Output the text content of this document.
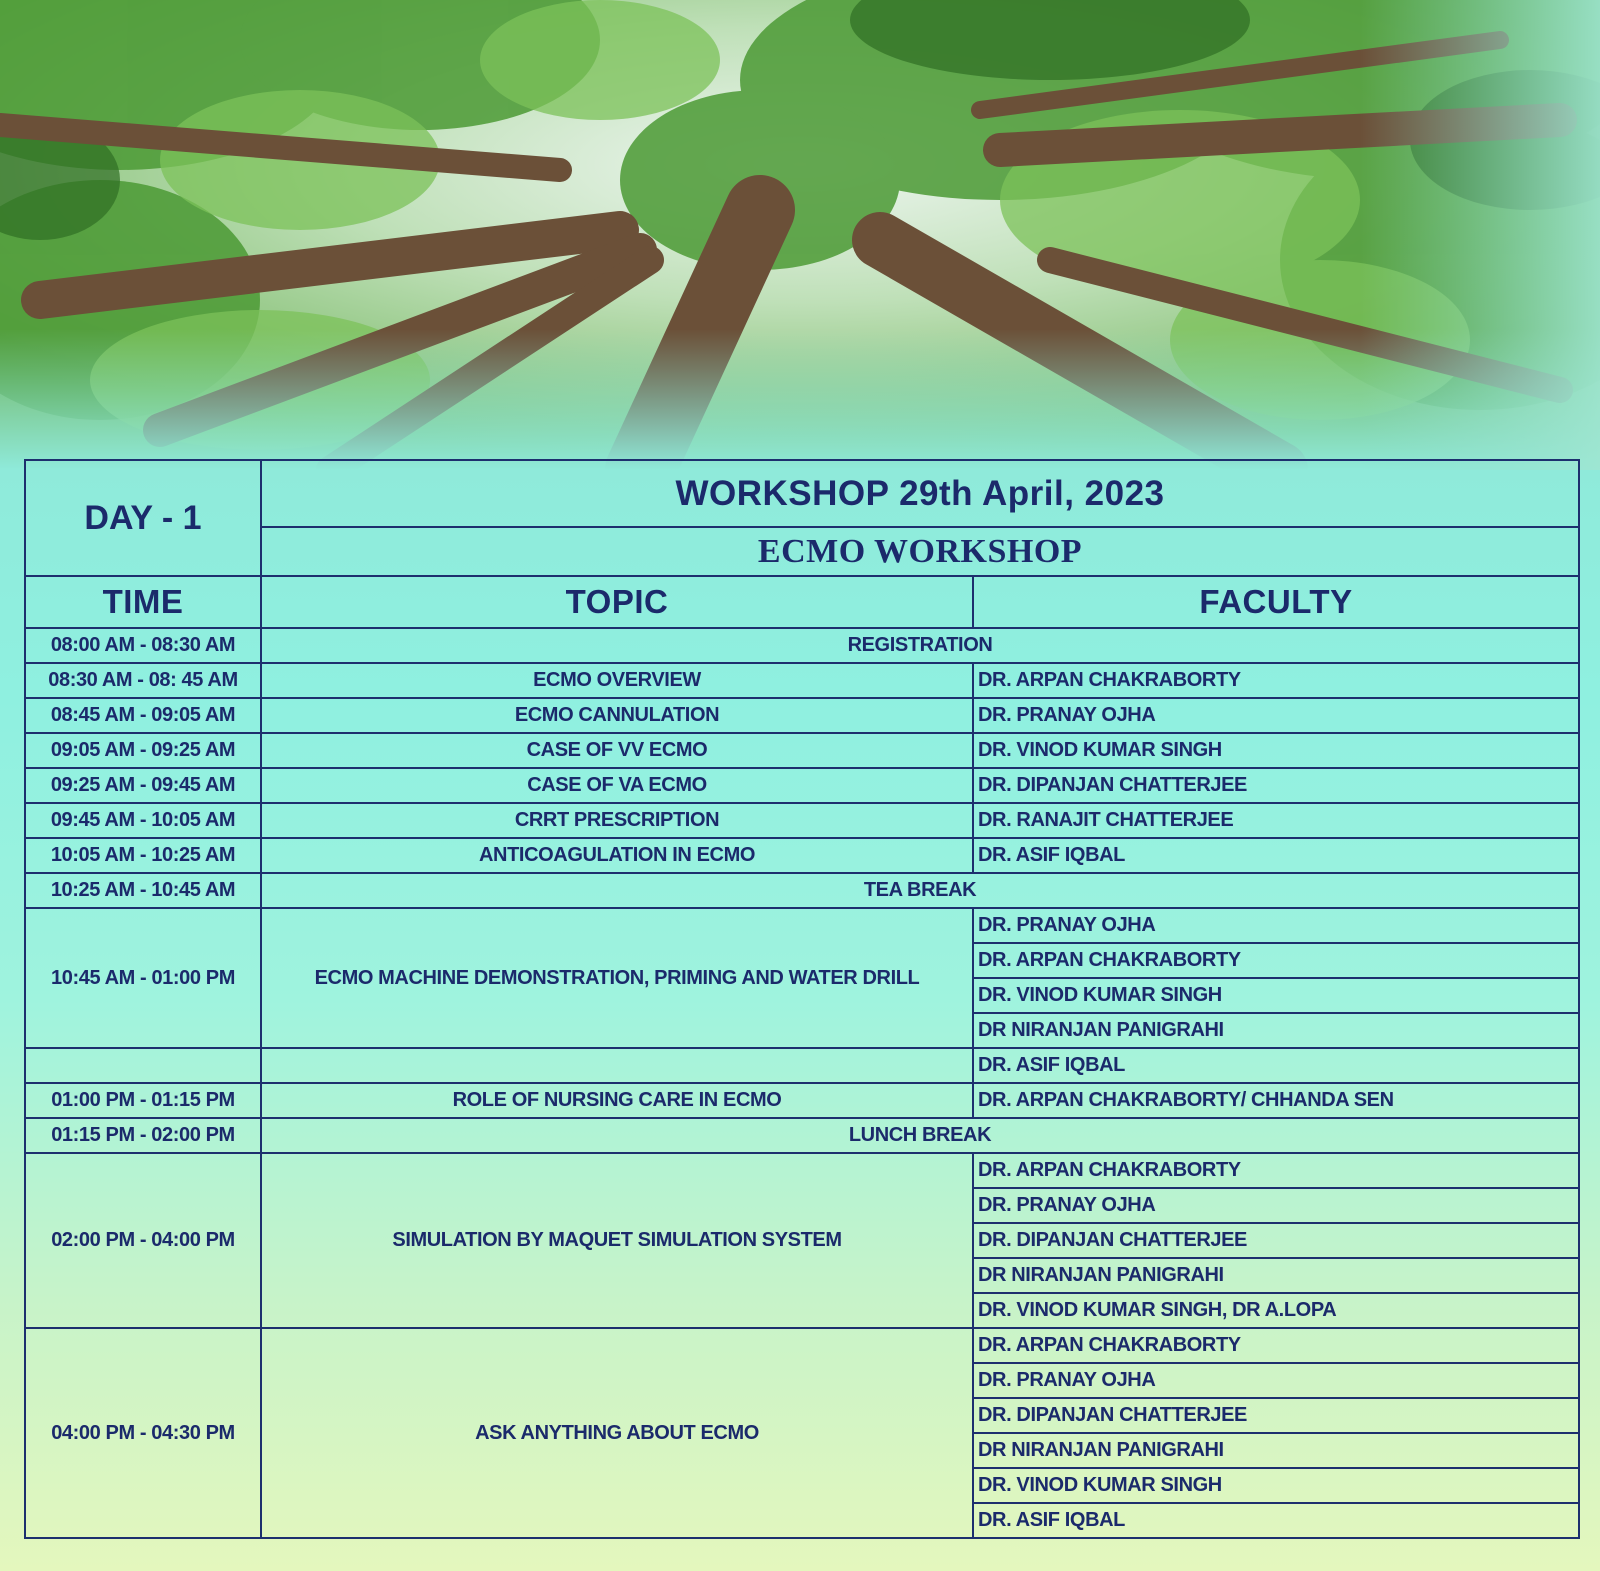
DAY - 1	WORKSHOP 29th April, 2023	
	ECMO WORKSHOP	
TIME	TOPIC	FACULTY
08:00 AM - 08:30 AM	REGISTRATION	
08:30 AM - 08: 45 AM	ECMO OVERVIEW	DR. ARPAN CHAKRABORTY
08:45 AM - 09:05 AM	ECMO CANNULATION	DR. PRANAY OJHA
09:05 AM - 09:25 AM	CASE OF VV ECMO	DR. VINOD KUMAR SINGH
09:25 AM - 09:45 AM	CASE OF VA ECMO	DR. DIPANJAN CHATTERJEE
09:45 AM - 10:05 AM	CRRT PRESCRIPTION	DR. RANAJIT CHATTERJEE
10:05 AM - 10:25 AM	ANTICOAGULATION IN ECMO	DR. ASIF IQBAL
10:25 AM - 10:45 AM	TEA BREAK	
10:45 AM - 01:00 PM	ECMO MACHINE DEMONSTRATION, PRIMING AND WATER DRILL	DR. PRANAY OJHA
		DR. ARPAN CHAKRABORTY
		DR. VINOD KUMAR SINGH
		DR NIRANJAN PANIGRAHI
		DR. ASIF IQBAL
01:00 PM - 01:15 PM	ROLE OF NURSING CARE IN ECMO	DR. ARPAN CHAKRABORTY/ CHHANDA SEN
01:15 PM - 02:00 PM	LUNCH BREAK	
02:00 PM - 04:00 PM	SIMULATION BY MAQUET SIMULATION SYSTEM	DR. ARPAN CHAKRABORTY
		DR. PRANAY OJHA
		DR. DIPANJAN CHATTERJEE
		DR NIRANJAN PANIGRAHI
		DR. VINOD KUMAR SINGH, DR A.LOPA
04:00 PM - 04:30 PM	ASK ANYTHING ABOUT ECMO	DR. ARPAN CHAKRABORTY
		DR. PRANAY OJHA
		DR. DIPANJAN CHATTERJEE
		DR NIRANJAN PANIGRAHI
		DR. VINOD KUMAR SINGH
		DR. ASIF IQBAL
